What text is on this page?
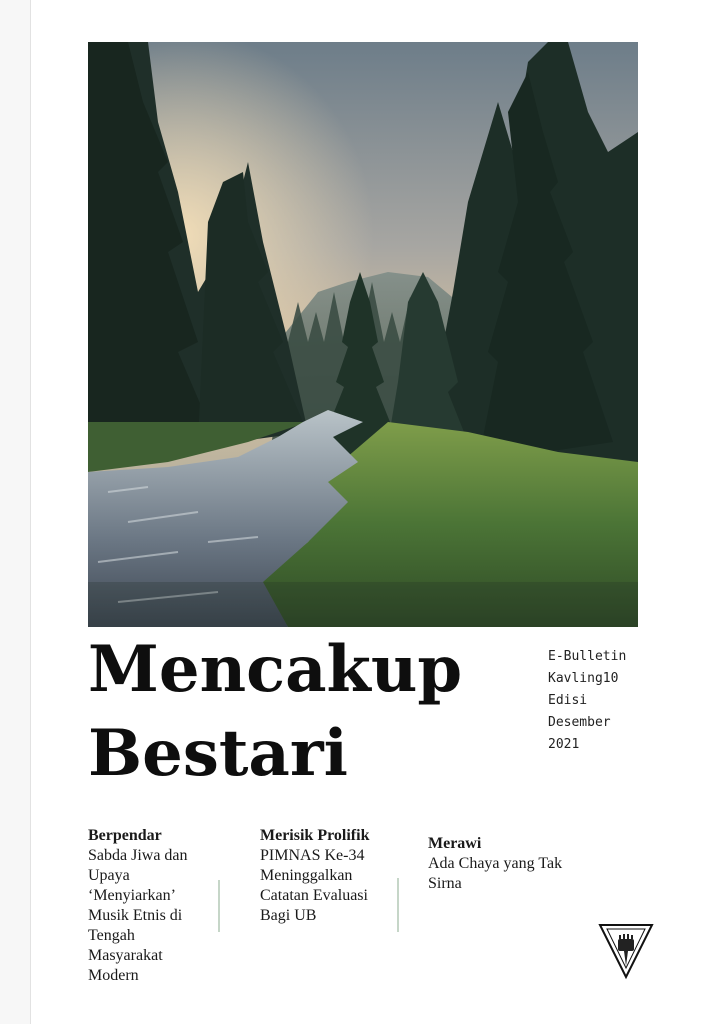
Mencakup
Bestari
E-Bulletin
Kavling10
Edisi
Desember
2021
Berpendar
Sabda Jiwa dan Upaya ‘Menyiarkan’ Musik Etnis di Tengah Masyarakat Modern
Merisik Prolifik
PIMNAS Ke-34 Meninggalkan Catatan Evaluasi Bagi UB
Merawi
Ada Chaya yang Tak Sirna
